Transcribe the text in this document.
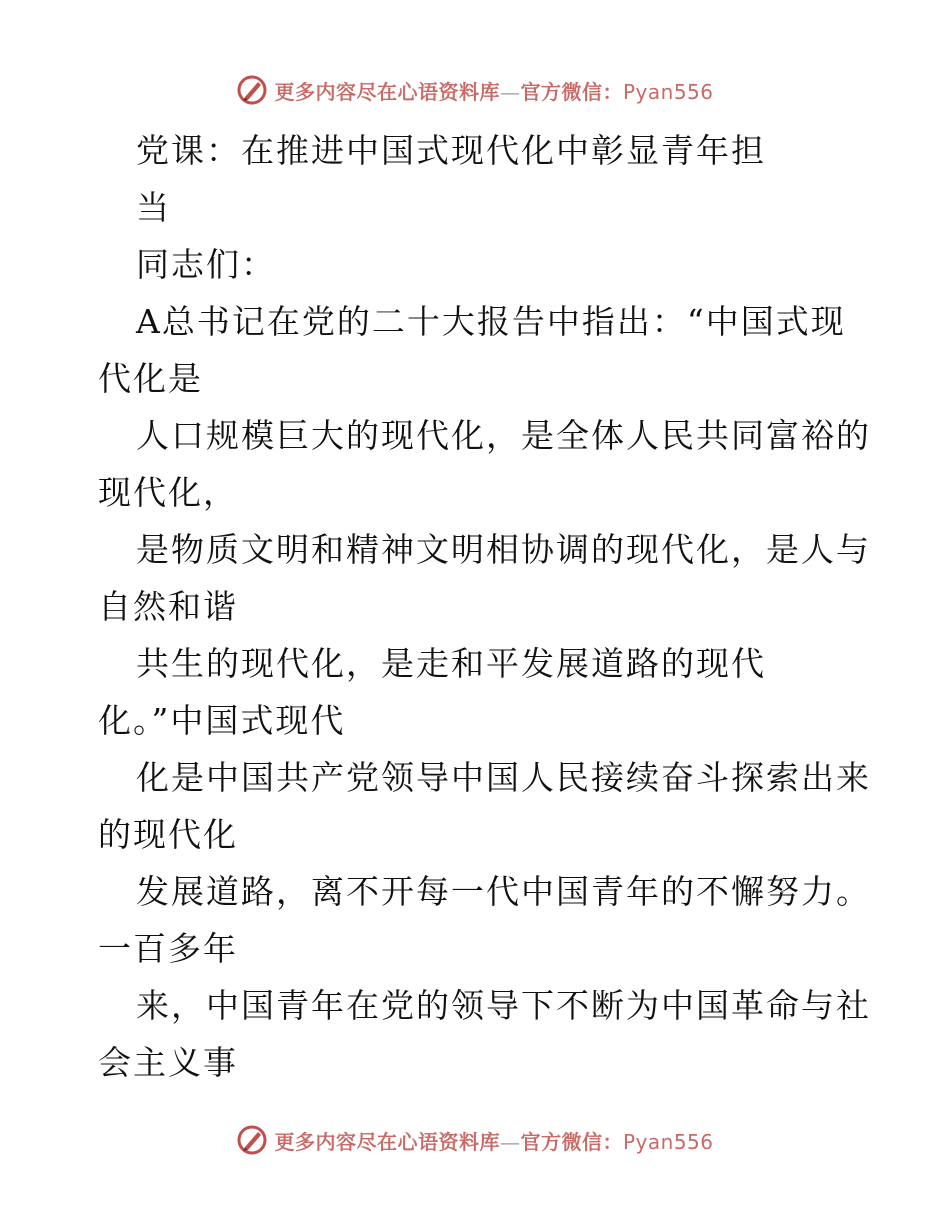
更多内容尽在心语资料库—官方微信：Pyan556
党课：在推进中国式现代化中彰显青年担
当
同志们：
A总书记在党的二十大报告中指出：“中国式现
代化是
人口规模巨大的现代化，是全体人民共同富裕的
现代化，
是物质文明和精神文明相协调的现代化，是人与
自然和谐
共生的现代化，是走和平发展道路的现代
化。”中国式现代
化是中国共产党领导中国人民接续奋斗探索出来
的现代化
发展道路，离不开每一代中国青年的不懈努力。
一百多年
来，中国青年在党的领导下不断为中国革命与社
会主义事
更多内容尽在心语资料库—官方微信：Pyan556
